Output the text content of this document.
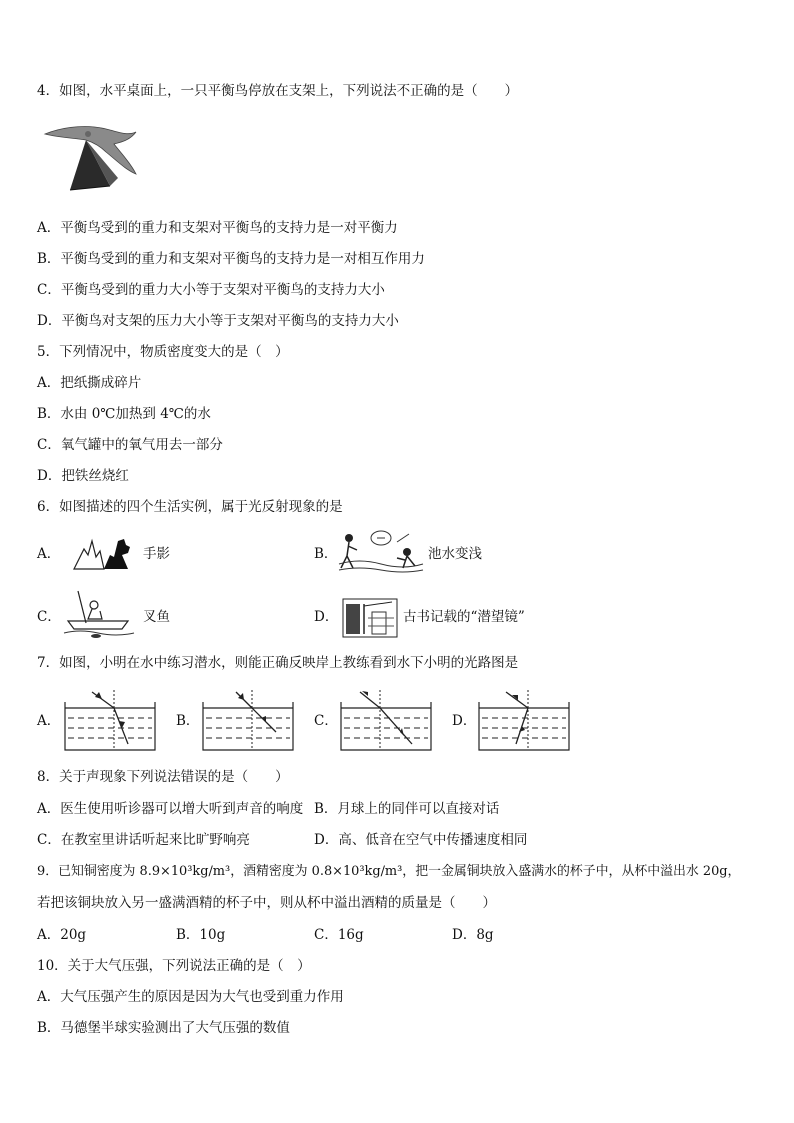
4．如图，水平桌面上，一只平衡鸟停放在支架上，下列说法不正确的是（　　）
A．平衡鸟受到的重力和支架对平衡鸟的支持力是一对平衡力
B．平衡鸟受到的重力和支架对平衡鸟的支持力是一对相互作用力
C．平衡鸟受到的重力大小等于支架对平衡鸟的支持力大小
D．平衡鸟对支架的压力大小等于支架对平衡鸟的支持力大小
5．下列情况中，物质密度变大的是（　）
A．把纸撕成碎片
B．水由 0℃加热到 4℃的水
C．氧气罐中的氧气用去一部分
D．把铁丝烧红
6．如图描述的四个生活实例，属于光反射现象的是
A．	手影	B．	池水变浅
C．	叉鱼	D．	古书记载的“潜望镜”
7．如图，小明在水中练习潜水，则能正确反映岸上教练看到水下小明的光路图是
A．	B．	C．	D．
8．关于声现象下列说法错误的是（　　）
A．医生使用听诊器可以增大听到声音的响度 B．月球上的同伴可以直接对话
C．在教室里讲话听起来比旷野响亮	D．高、低音在空气中传播速度相同
9．已知铜密度为 8.9×10³kg/m³，酒精密度为 0.8×10³kg/m³，把一金属铜块放入盛满水的杯子中，从杯中溢出水 20g，
若把该铜块放入另一盛满酒精的杯子中，则从杯中溢出酒精的质量是（　　）
A．20g	B．10g	C．16g	D．8g
10．关于大气压强，下列说法正确的是（　）
A．大气压强产生的原因是因为大气也受到重力作用
B．马德堡半球实验测出了大气压强的数值
